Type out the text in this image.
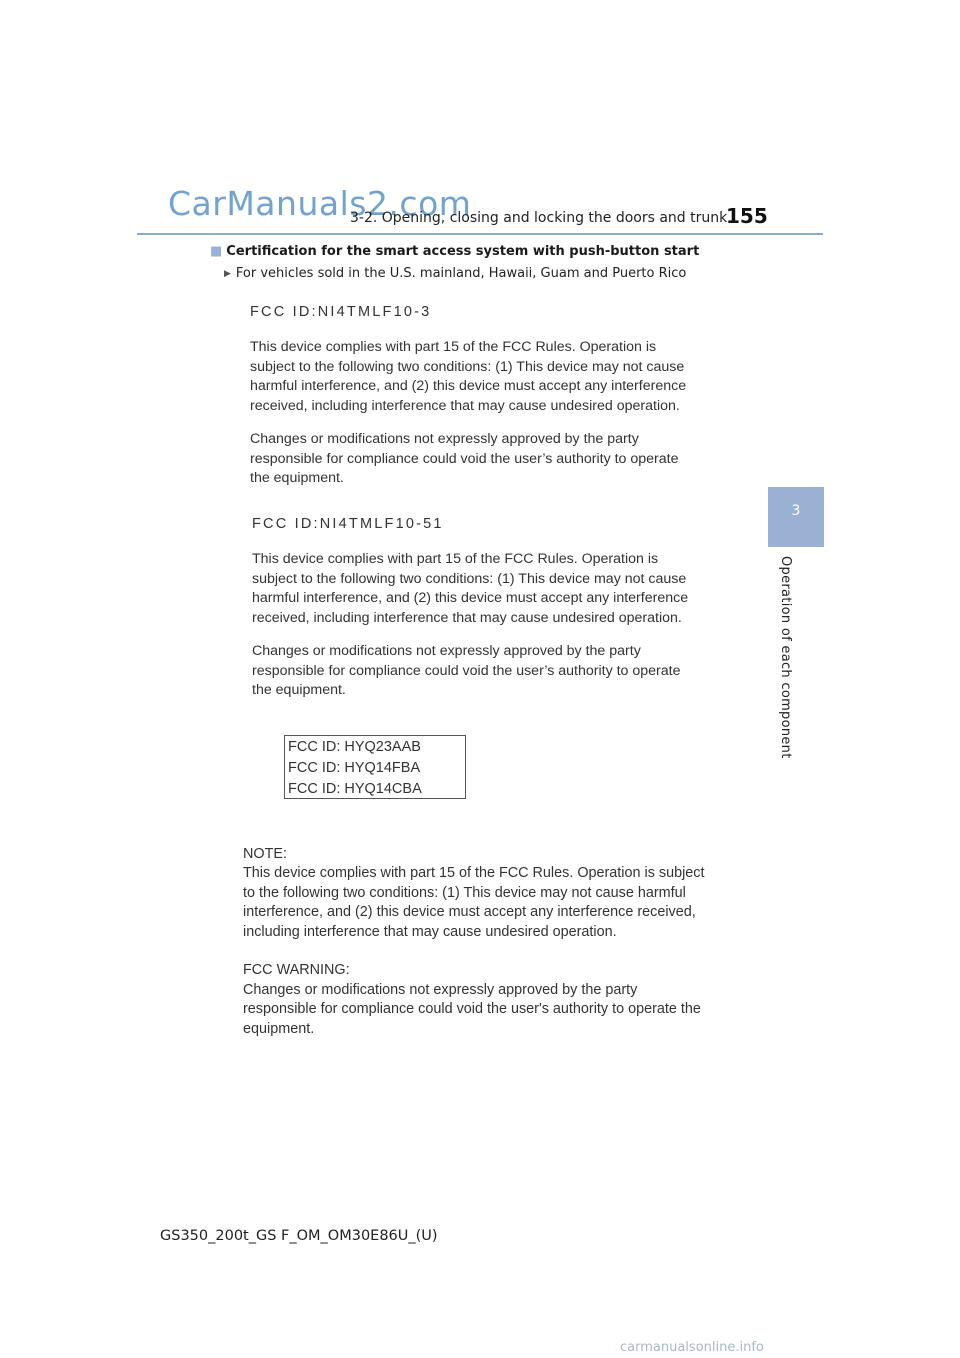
CarManuals2.com
3-2. Opening, closing and locking the doors and trunk
155
3
Operation of each component
■ Certification for the smart access system with push-button start
▶ For vehicles sold in the U.S. mainland, Hawaii, Guam and Puerto Rico
FCC ID:NI4TMLF10-3
This device complies with part 15 of the FCC Rules. Operation is
subject to the following two conditions: (1) This device may not cause
harmful interference, and (2) this device must accept any interference
received, including interference that may cause undesired operation.
Changes or modifications not expressly approved by the party
responsible for compliance could void the user’s authority to operate
the equipment.
FCC ID:NI4TMLF10-51
This device complies with part 15 of the FCC Rules. Operation is
subject to the following two conditions: (1) This device may not cause
harmful interference, and (2) this device must accept any interference
received, including interference that may cause undesired operation.
Changes or modifications not expressly approved by the party
responsible for compliance could void the user’s authority to operate
the equipment.
FCC ID: HYQ23AAB
FCC ID: HYQ14FBA
FCC ID: HYQ14CBA
NOTE:
This device complies with part 15 of the FCC Rules. Operation is subject
to the following two conditions: (1) This device may not cause harmful
interference, and (2) this device must accept any interference received,
including interference that may cause undesired operation.

FCC WARNING:
Changes or modifications not expressly approved by the party
responsible for compliance could void the user's authority to operate the
equipment.
GS350_200t_GS F_OM_OM30E86U_(U)
carmanualsonline.info
